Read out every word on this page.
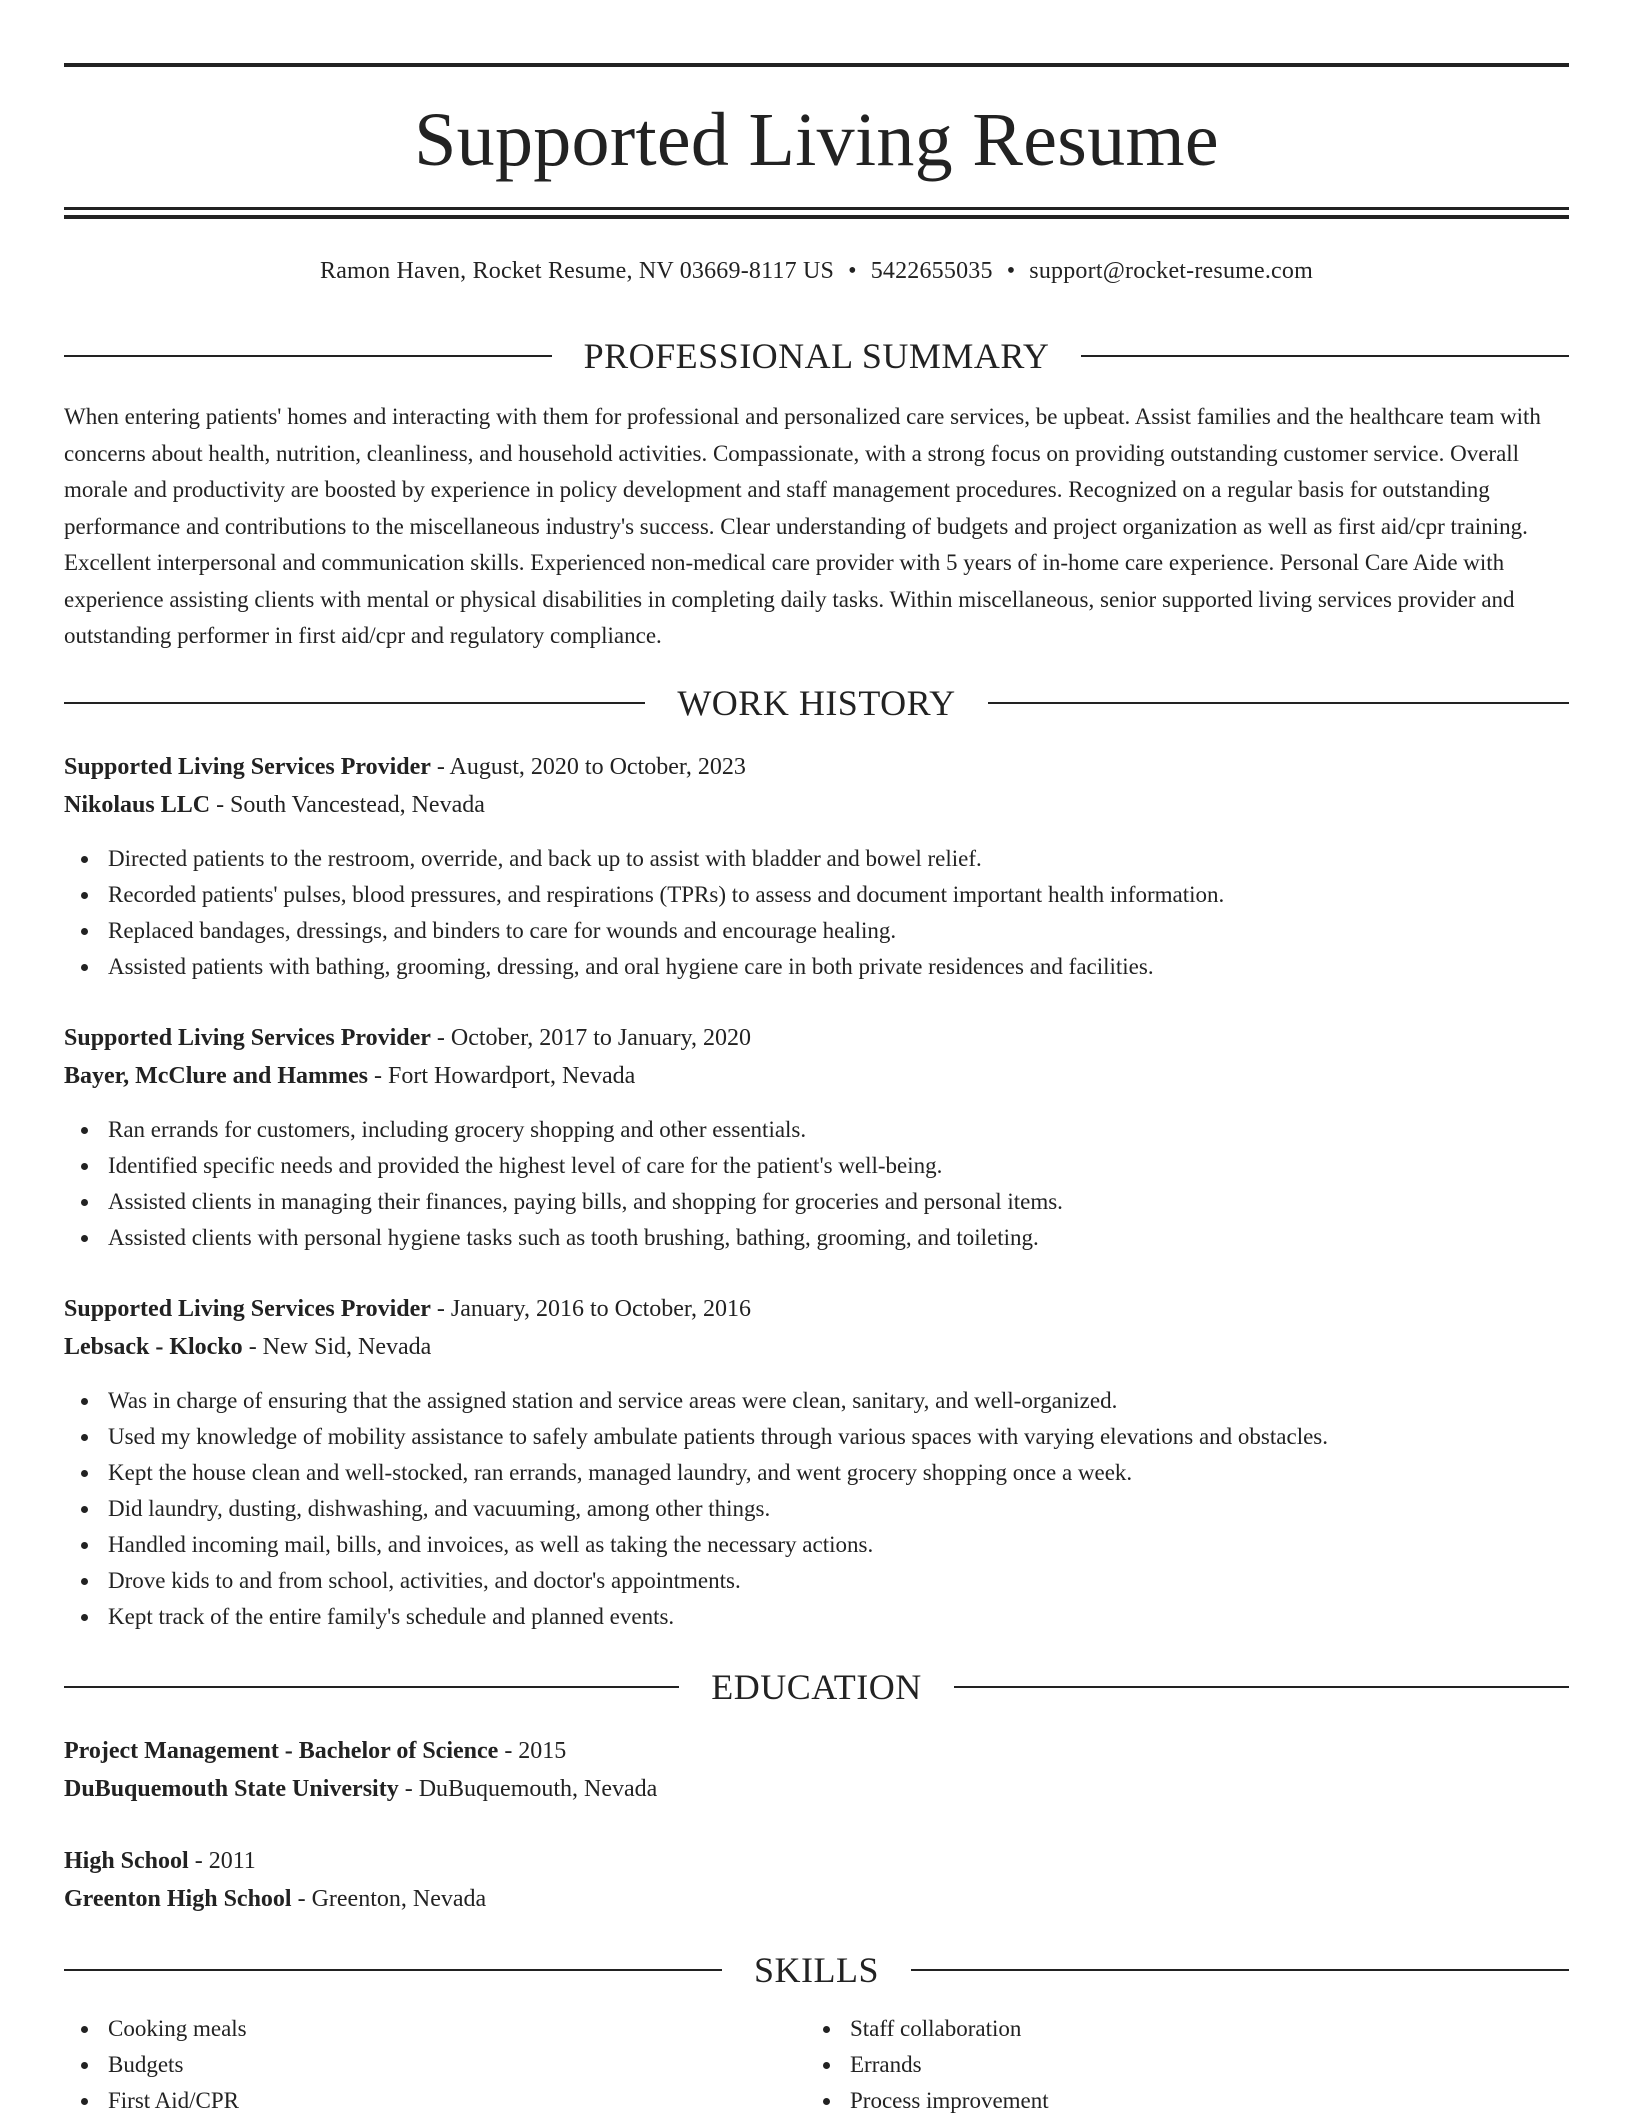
Supported Living Resume
Ramon Haven, Rocket Resume, NV 03669-8117 US • 5422655035 • support@rocket-resume.com
PROFESSIONAL SUMMARY

When entering patients' homes and interacting with them for professional and personalized care services, be upbeat. Assist families and the healthcare team with concerns about health, nutrition, cleanliness, and household activities. Compassionate, with a strong focus on providing outstanding customer service. Overall morale and productivity are boosted by experience in policy development and staff management procedures. Recognized on a regular basis for outstanding performance and contributions to the miscellaneous industry's success. Clear understanding of budgets and project organization as well as first aid/cpr training. Excellent interpersonal and communication skills. Experienced non-medical care provider with 5 years of in-home care experience. Personal Care Aide with experience assisting clients with mental or physical disabilities in completing daily tasks. Within miscellaneous, senior supported living services provider and outstanding performer in first aid/cpr and regulatory compliance.

WORK HISTORY
Supported Living Services Provider - August, 2020 to October, 2023
Nikolaus LLC - South Vancestead, Nevada
Directed patients to the restroom, override, and back up to assist with bladder and bowel relief.
Recorded patients' pulses, blood pressures, and respirations (TPRs) to assess and document important health information.
Replaced bandages, dressings, and binders to care for wounds and encourage healing.
Assisted patients with bathing, grooming, dressing, and oral hygiene care in both private residences and facilities.
Supported Living Services Provider - October, 2017 to January, 2020
Bayer, McClure and Hammes - Fort Howardport, Nevada
Ran errands for customers, including grocery shopping and other essentials.
Identified specific needs and provided the highest level of care for the patient's well-being.
Assisted clients in managing their finances, paying bills, and shopping for groceries and personal items.
Assisted clients with personal hygiene tasks such as tooth brushing, bathing, grooming, and toileting.
Supported Living Services Provider - January, 2016 to October, 2016
Lebsack - Klocko - New Sid, Nevada
Was in charge of ensuring that the assigned station and service areas were clean, sanitary, and well-organized.
Used my knowledge of mobility assistance to safely ambulate patients through various spaces with varying elevations and obstacles.
Kept the house clean and well-stocked, ran errands, managed laundry, and went grocery shopping once a week.
Did laundry, dusting, dishwashing, and vacuuming, among other things.
Handled incoming mail, bills, and invoices, as well as taking the necessary actions.
Drove kids to and from school, activities, and doctor's appointments.
Kept track of the entire family's schedule and planned events.
EDUCATION
Project Management - Bachelor of Science - 2015
DuBuquemouth State University - DuBuquemouth, Nevada
High School - 2011
Greenton High School - Greenton, Nevada
SKILLS
Cooking meals
Budgets
First Aid/CPR
Staff collaboration
Errands
Process improvement
